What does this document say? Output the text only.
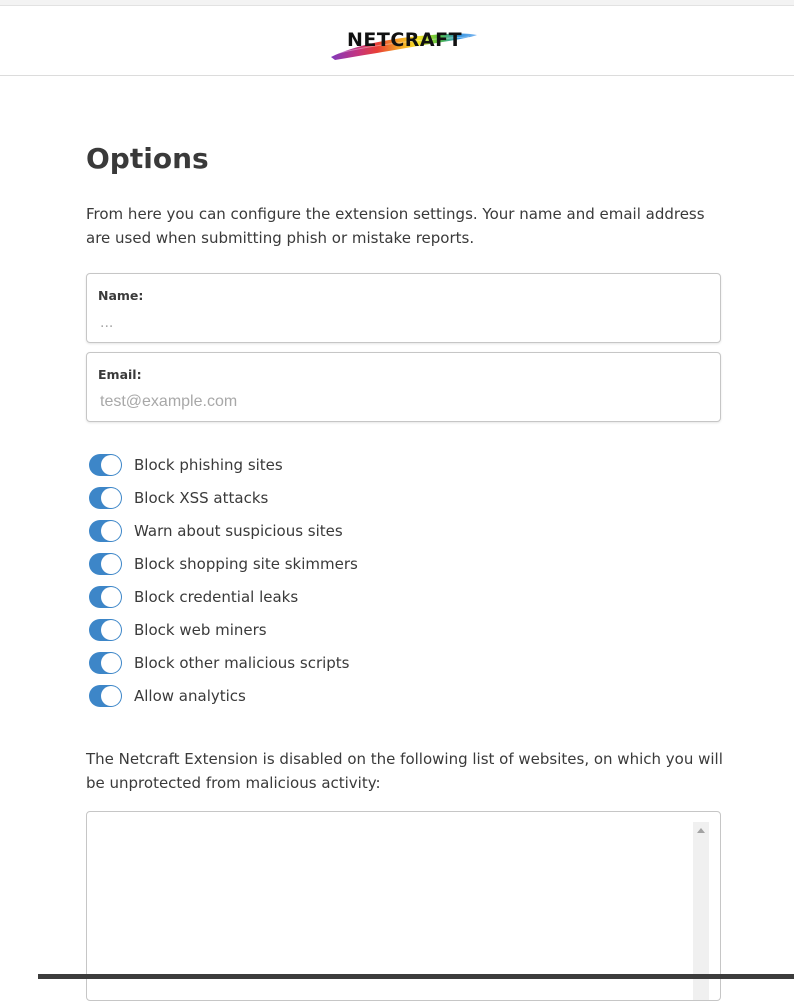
NETCRAFT
Options

From here you can configure the extension settings. Your name and email address are used when submitting phish or mistake reports.

Name:
...
Email:
test@example.com
Block phishing sites
Block XSS attacks
Warn about suspicious sites
Block shopping site skimmers
Block credential leaks
Block web miners
Block other malicious scripts
Allow analytics

The Netcraft Extension is disabled on the following list of websites, on which you will be unprotected from malicious activity:
